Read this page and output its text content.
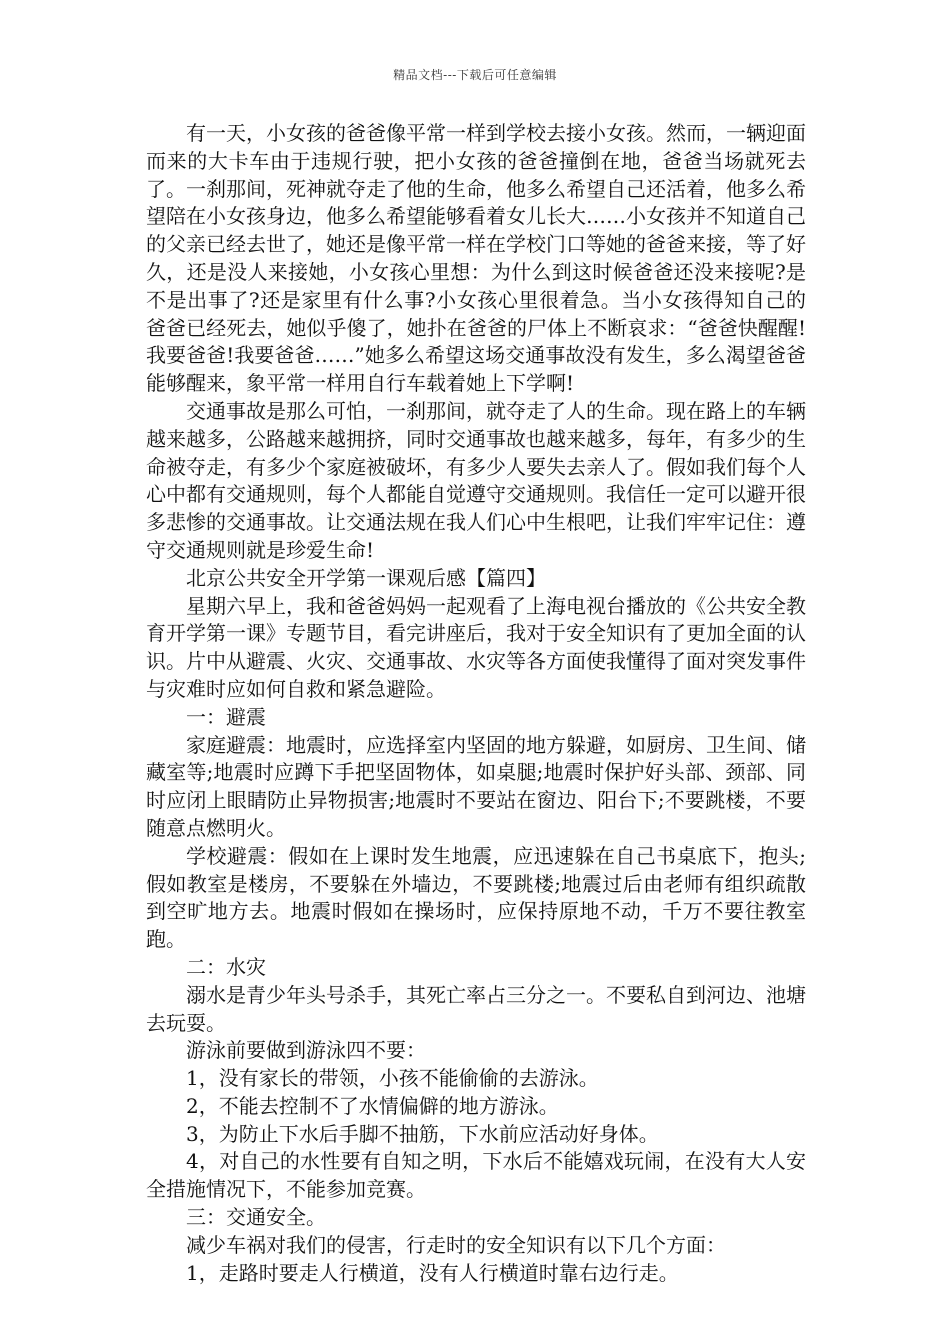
精品文档---下载后可任意编辑

有一天，小女孩的爸爸像平常一样到学校去接小女孩。然而，一辆迎面而来的大卡车由于违规行驶，把小女孩的爸爸撞倒在地，爸爸当场就死去了。一刹那间，死神就夺走了他的生命，他多么希望自己还活着，他多么希望陪在小女孩身边，他多么希望能够看着女儿长大……小女孩并不知道自己的父亲已经去世了，她还是像平常一样在学校门口等她的爸爸来接，等了好久，还是没人来接她，小女孩心里想：为什么到这时候爸爸还没来接呢?是不是出事了?还是家里有什么事?小女孩心里很着急。当小女孩得知自己的爸爸已经死去，她似乎傻了，她扑在爸爸的尸体上不断哀求：“爸爸快醒醒!我要爸爸!我要爸爸……”她多么希望这场交通事故没有发生，多么渴望爸爸能够醒来，象平常一样用自行车载着她上下学啊!

交通事故是那么可怕，一刹那间，就夺走了人的生命。现在路上的车辆越来越多，公路越来越拥挤，同时交通事故也越来越多，每年，有多少的生命被夺走，有多少个家庭被破坏，有多少人要失去亲人了。假如我们每个人心中都有交通规则，每个人都能自觉遵守交通规则。我信任一定可以避开很多悲惨的交通事故。让交通法规在我人们心中生根吧，让我们牢牢记住：遵守交通规则就是珍爱生命!

北京公共安全开学第一课观后感【篇四】

星期六早上，我和爸爸妈妈一起观看了上海电视台播放的《公共安全教育开学第一课》专题节目，看完讲座后，我对于安全知识有了更加全面的认识。片中从避震、火灾、交通事故、水灾等各方面使我懂得了面对突发事件与灾难时应如何自救和紧急避险。

一：避震

家庭避震：地震时，应选择室内坚固的地方躲避，如厨房、卫生间、储藏室等;地震时应蹲下手把坚固物体，如桌腿;地震时保护好头部、颈部、同时应闭上眼睛防止异物损害;地震时不要站在窗边、阳台下;不要跳楼，不要随意点燃明火。

学校避震：假如在上课时发生地震，应迅速躲在自己书桌底下，抱头;假如教室是楼房，不要躲在外墙边，不要跳楼;地震过后由老师有组织疏散到空旷地方去。地震时假如在操场时，应保持原地不动，千万不要往教室跑。

二：水灾

溺水是青少年头号杀手，其死亡率占三分之一。不要私自到河边、池塘去玩耍。

游泳前要做到游泳四不要：

1，没有家长的带领，小孩不能偷偷的去游泳。

2，不能去控制不了水情偏僻的地方游泳。

3，为防止下水后手脚不抽筋，下水前应活动好身体。

4，对自己的水性要有自知之明，下水后不能嬉戏玩闹，在没有大人安全措施情况下，不能参加竞赛。

三：交通安全。

减少车祸对我们的侵害，行走时的安全知识有以下几个方面：

1，走路时要走人行横道，没有人行横道时靠右边行走。
